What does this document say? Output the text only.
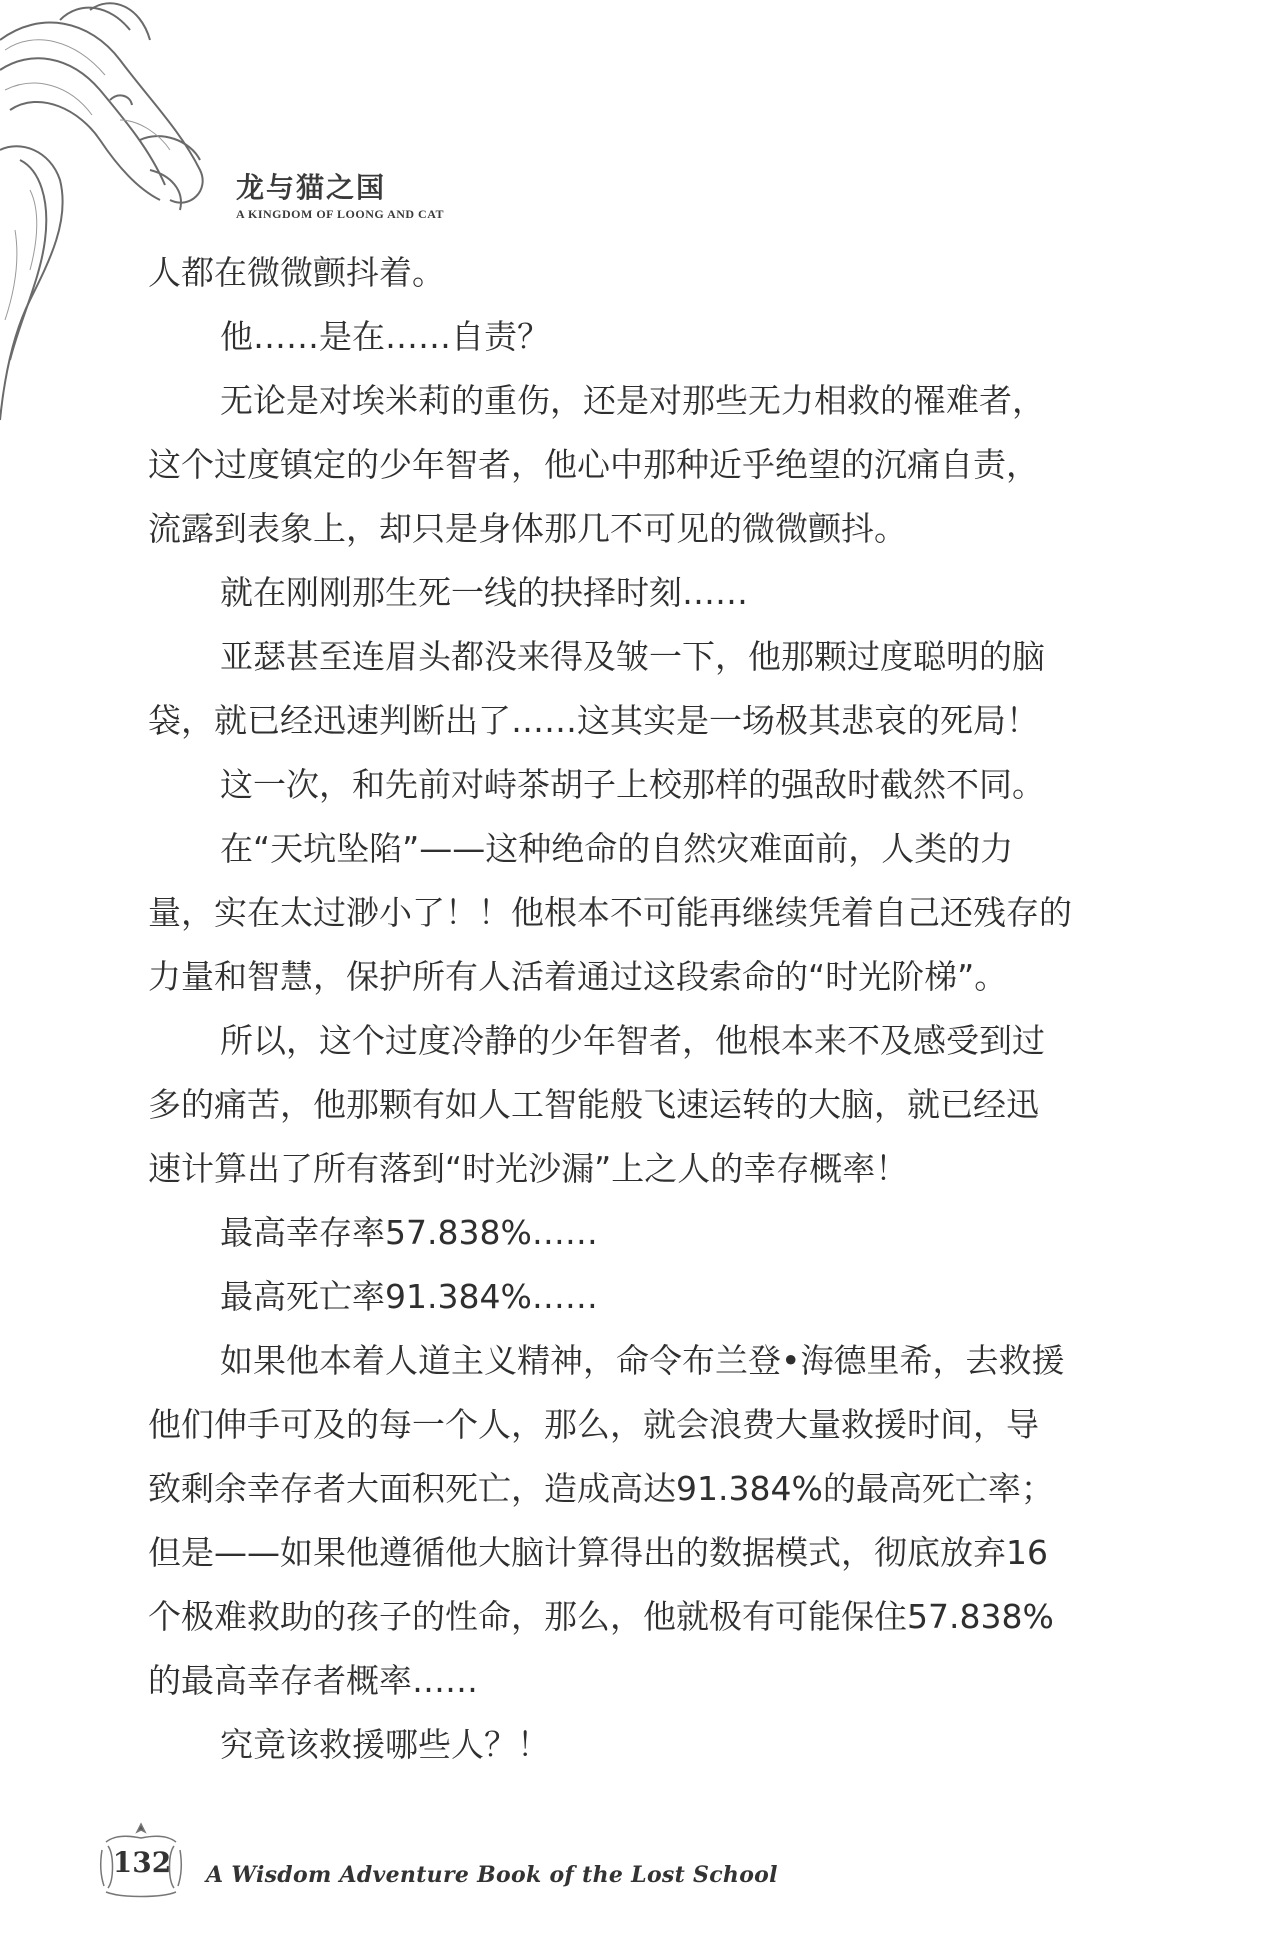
龙与猫之国
A KINGDOM OF LOONG AND CAT

人都在微微颤抖着。

他……是在……自责？

无论是对埃米莉的重伤，还是对那些无力相救的罹难者，

这个过度镇定的少年智者，他心中那种近乎绝望的沉痛自责，

流露到表象上，却只是身体那几不可见的微微颤抖。

就在刚刚那生死一线的抉择时刻……

亚瑟甚至连眉头都没来得及皱一下，他那颗过度聪明的脑

袋，就已经迅速判断出了……这其实是一场极其悲哀的死局！

这一次，和先前对峙茶胡子上校那样的强敌时截然不同。

在“天坑坠陷”——这种绝命的自然灾难面前，人类的力

量，实在太过渺小了！！他根本不可能再继续凭着自己还残存的

力量和智慧，保护所有人活着通过这段索命的“时光阶梯”。

所以，这个过度冷静的少年智者，他根本来不及感受到过

多的痛苦，他那颗有如人工智能般飞速运转的大脑，就已经迅

速计算出了所有落到“时光沙漏”上之人的幸存概率！

最高幸存率57.838%……

最高死亡率91.384%……

如果他本着人道主义精神，命令布兰登•海德里希，去救援

他们伸手可及的每一个人，那么，就会浪费大量救援时间，导

致剩余幸存者大面积死亡，造成高达91.384%的最高死亡率；

但是——如果他遵循他大脑计算得出的数据模式，彻底放弃16

个极难救助的孩子的性命，那么，他就极有可能保住57.838%

的最高幸存者概率……

究竟该救援哪些人？！

132 A Wisdom Adventure Book of the Lost School
